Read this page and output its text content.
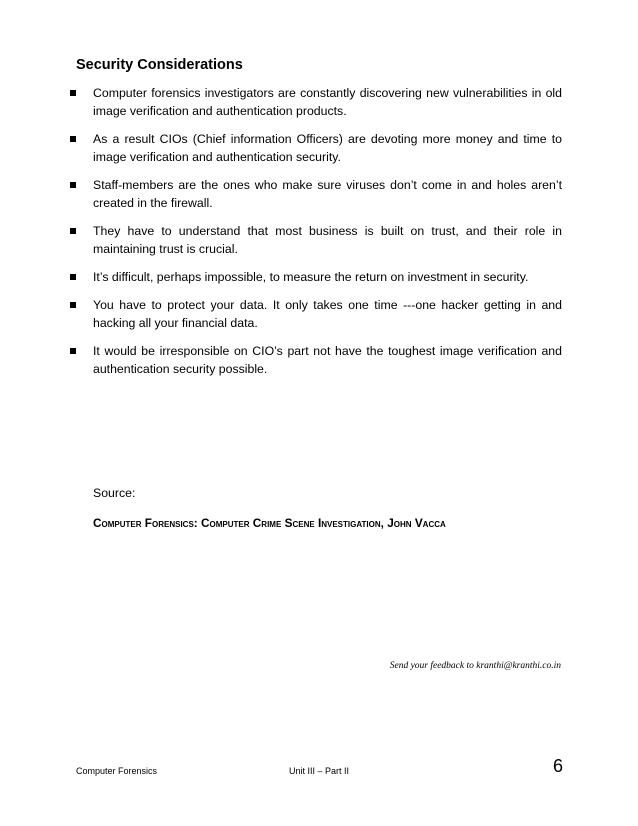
Security Considerations
Computer forensics investigators are constantly discovering new vulnerabilities in old image verification and authentication products.
As a result CIOs (Chief information Officers) are devoting more money and time to image verification and authentication security.
Staff-members are the ones who make sure viruses don’t come in and holes aren’t created in the firewall.
They have to understand that most business is built on trust, and their role in maintaining trust is crucial.
It’s difficult, perhaps impossible, to measure the return on investment in security.
You have to protect your data. It only takes one time ---one hacker getting in and hacking all your financial data.
It would be irresponsible on CIO’s part not have the toughest image verification and authentication security possible.
Source:
Computer Forensics: Computer Crime Scene Investigation, John Vacca
Send your feedback to kranthi@kranthi.co.in
Computer Forensics	Unit III – Part II	6
